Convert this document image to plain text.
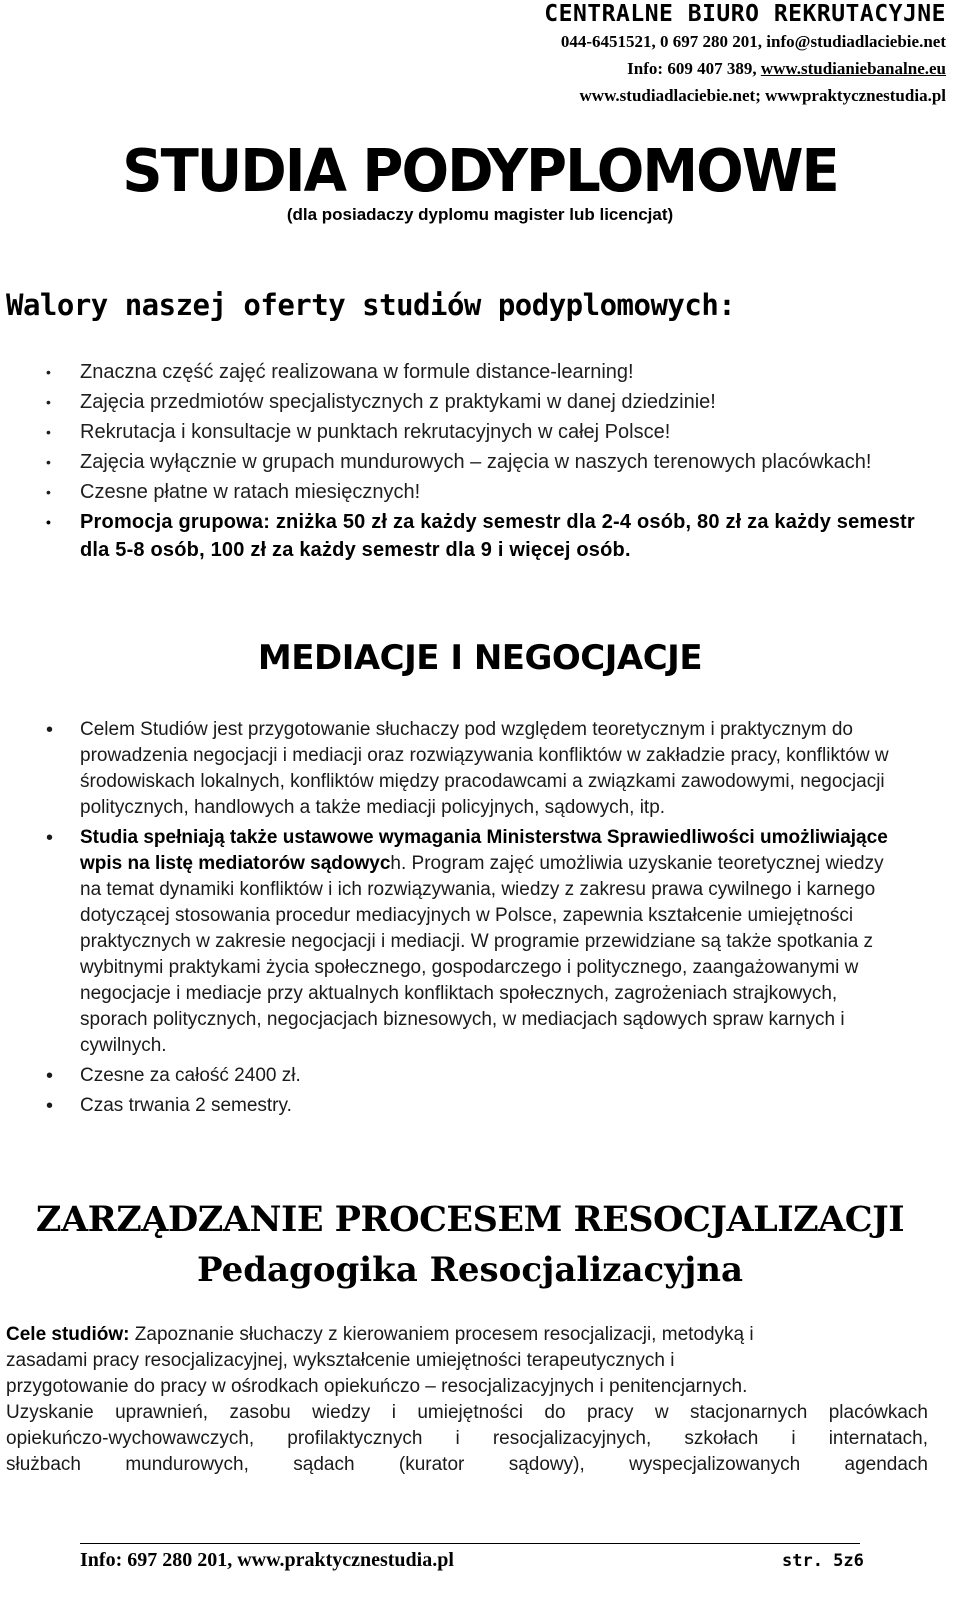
CENTRALNE BIURO REKRUTACYJNE
044-6451521, 0 697 280 201, info@studiadlaciebie.net
Info: 609 407 389, www.studianiebanalne.eu
www.studiadlaciebie.net; wwwpraktycznestudia.pl
STUDIA PODYPLOMOWE
(dla posiadaczy dyplomu magister lub licencjat)
Walory naszej oferty studiów podyplomowych:
• Znaczna część zajęć realizowana w formule distance-learning!
• Zajęcia przedmiotów specjalistycznych z praktykami w danej dziedzinie!
• Rekrutacja i konsultacje w punktach rekrutacyjnych w całej Polsce!
• Zajęcia wyłącznie w grupach mundurowych – zajęcia w naszych terenowych placówkach!
• Czesne płatne w ratach miesięcznych!
• Promocja grupowa: zniżka 50 zł za każdy semestr dla 2-4 osób, 80 zł za każdy semestr dla 5-8 osób, 100 zł za każdy semestr dla 9 i więcej osób.
MEDIACJE I NEGOCJACJE
• Celem Studiów jest przygotowanie słuchaczy pod względem teoretycznym i praktycznym do prowadzenia negocjacji i mediacji oraz rozwiązywania konfliktów w zakładzie pracy, konfliktów w środowiskach lokalnych, konfliktów między pracodawcami a związkami zawodowymi, negocjacji politycznych, handlowych a także mediacji policyjnych, sądowych, itp.
• Studia spełniają także ustawowe wymagania Ministerstwa Sprawiedliwości umożliwiające wpis na listę mediatorów sądowych. Program zajęć umożliwia uzyskanie teoretycznej wiedzy na temat dynamiki konfliktów i ich rozwiązywania, wiedzy z zakresu prawa cywilnego i karnego dotyczącej stosowania procedur mediacyjnych w Polsce, zapewnia kształcenie umiejętności praktycznych w zakresie negocjacji i mediacji. W programie przewidziane są także spotkania z wybitnymi praktykami życia społecznego, gospodarczego i politycznego, zaangażowanymi w negocjacje i mediacje przy aktualnych konfliktach społecznych, zagrożeniach strajkowych, sporach politycznych, negocjacjach biznesowych, w mediacjach sądowych spraw karnych i cywilnych.
• Czesne za całość 2400 zł.
• Czas trwania 2 semestry.
ZARZĄDZANIE PROCESEM RESOCJALIZACJI
Pedagogika Resocjalizacyjna
Cele studiów: Zapoznanie słuchaczy z kierowaniem procesem resocjalizacji, metodyką i
zasadami pracy resocjalizacyjnej, wykształcenie umiejętności terapeutycznych i
przygotowanie do pracy w ośrodkach opiekuńczo – resocjalizacyjnych i penitencjarnych.
Uzyskanie uprawnień, zasobu wiedzy i umiejętności do pracy w stacjonarnych placówkach
opiekuńczo-wychowawczych, profilaktycznych i resocjalizacyjnych, szkołach i internatach,
służbach mundurowych, sądach (kurator sądowy), wyspecjalizowanych agendach
Info: 697 280 201, www.praktycznestudia.pl	str. 5z6
